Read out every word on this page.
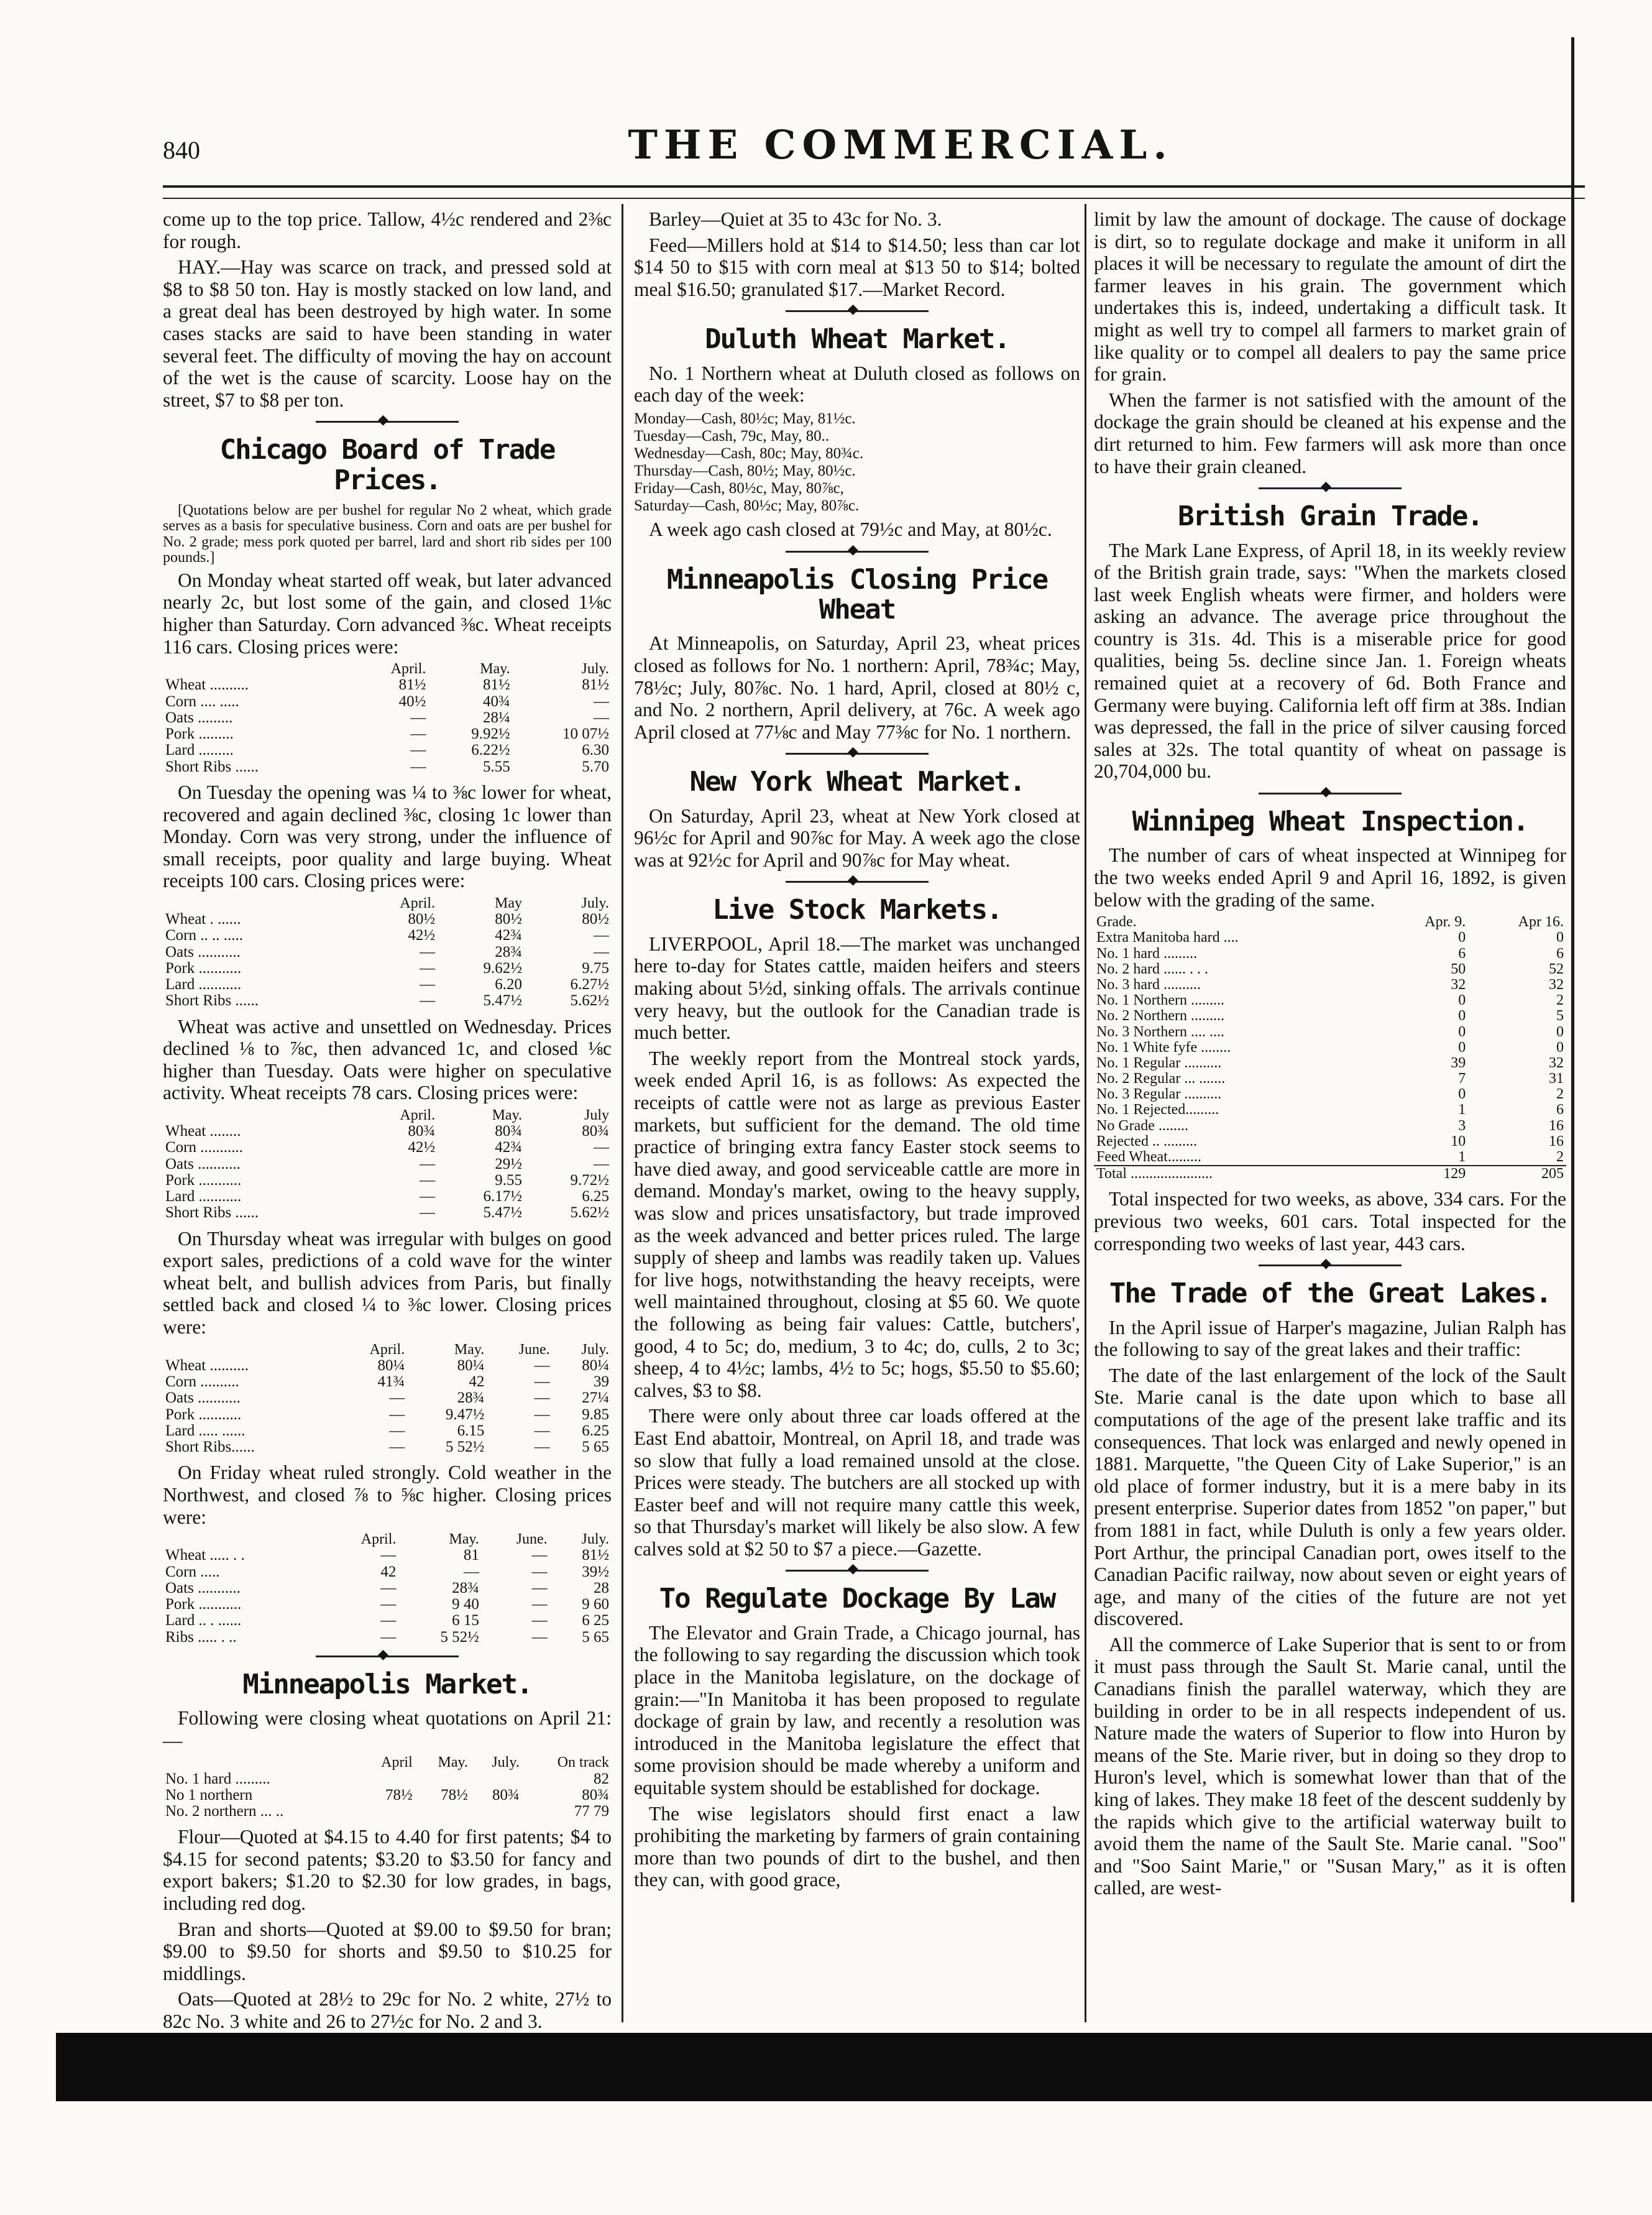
840	THE COMMERCIAL.

come up to the top price. Tallow, 4½c rendered and 2⅜c for rough.

HAY.—Hay was scarce on track, and pressed sold at $8 to $8 50 ton. Hay is mostly stacked on low land, and a great deal has been destroyed by high water. In some cases stacks are said to have been standing in water several feet. The difficulty of moving the hay on account of the wet is the cause of scarcity. Loose hay on the street, $7 to $8 per ton.

◆
Chicago Board of Trade Prices.

[Quotations below are per bushel for regular No 2 wheat, which grade serves as a basis for speculative business. Corn and oats are per bushel for No. 2 grade; mess pork quoted per barrel, lard and short rib sides per 100 pounds.]

On Monday wheat started off weak, but later advanced nearly 2c, but lost some of the gain, and closed 1⅛c higher than Saturday. Corn advanced ⅜c. Wheat receipts 116 cars. Closing prices were:

	April.	May.	July.
Wheat ..........	81½	81½	81½
Corn .... .....	40½	40¾	—
Oats .........	—	28¼	—
Pork .........	—	9.92½	10 07½
Lard .........	—	6.22½	6.30
Short Ribs ......	—	5.55	5.70

On Tuesday the opening was ¼ to ⅜c lower for wheat, recovered and again declined ⅜c, closing 1c lower than Monday. Corn was very strong, under the influence of small receipts, poor quality and large buying. Wheat receipts 100 cars. Closing prices were:

	April.	May	July.
Wheat . ......	80½	80½	80½
Corn .. .. .....	42½	42¾	—
Oats ...........	—	28¾	—
Pork ...........	—	9.62½	9.75
Lard ...........	—	6.20	6.27½
Short Ribs ......	—	5.47½	5.62½

Wheat was active and unsettled on Wednesday. Prices declined ⅛ to ⅞c, then advanced 1c, and closed ⅛c higher than Tuesday. Oats were higher on speculative activity. Wheat receipts 78 cars. Closing prices were:

	April.	May.	July
Wheat ........	80¾	80¾	80¾
Corn ...........	42½	42¾	—
Oats ...........	—	29½	—
Pork ...........	—	9.55	9.72½
Lard ...........	—	6.17½	6.25
Short Ribs ......	—	5.47½	5.62½

On Thursday wheat was irregular with bulges on good export sales, predictions of a cold wave for the winter wheat belt, and bullish advices from Paris, but finally settled back and closed ¼ to ⅜c lower. Closing prices were:

	April.	May.	June.	July.
Wheat ..........	80¼	80¼	—	80¼
Corn ..........	41¾	42	—	39
Oats ...........	—	28¾	—	27¼
Pork ...........	—	9.47½	—	9.85
Lard ..... ......	—	6.15	—	6.25
Short Ribs......	—	5 52½	—	5 65

On Friday wheat ruled strongly. Cold weather in the Northwest, and closed ⅞ to ⅝c higher. Closing prices were:

	April.	May.	June.	July.
Wheat ..... . .	—	81	—	81½
Corn .....	42	—	—	39½
Oats ...........	—	28¾	—	28
Pork ...........	—	9 40	—	9 60
Lard .. . ......	—	6 15	—	6 25
Ribs ..... . ..	—	5 52½	—	5 65
◆
Minneapolis Market.

Following were closing wheat quotations on April 21:—

	April	May.	July.	On track
No. 1 hard .........				82
No 1 northern	78½	78½	80¾	80¾
No. 2 northern ... ..				77 79

Flour—Quoted at $4.15 to 4.40 for first patents; $4 to $4.15 for second patents; $3.20 to $3.50 for fancy and export bakers; $1.20 to $2.30 for low grades, in bags, including red dog.

Bran and shorts—Quoted at $9.00 to $9.50 for bran; $9.00 to $9.50 for shorts and $9.50 to $10.25 for middlings.

Oats—Quoted at 28½ to 29c for No. 2 white, 27½ to 82c No. 3 white and 26 to 27½c for No. 2 and 3.

Barley—Quiet at 35 to 43c for No. 3.

Feed—Millers hold at $14 to $14.50; less than car lot $14 50 to $15 with corn meal at $13 50 to $14; bolted meal $16.50; granulated $17.—Market Record.

◆
Duluth Wheat Market.

No. 1 Northern wheat at Duluth closed as follows on each day of the week:

Monday—Cash, 80½c; May, 81½c.
Tuesday—Cash, 79c, May, 80..
Wednesday—Cash, 80c; May, 80¾c.
Thursday—Cash, 80½; May, 80½c.
Friday—Cash, 80½c, May, 80⅞c,
Saturday—Cash, 80½c; May, 80⅞c.

A week ago cash closed at 79½c and May, at 80½c.

◆
Minneapolis Closing Price Wheat

At Minneapolis, on Saturday, April 23, wheat prices closed as follows for No. 1 northern: April, 78¾c; May, 78½c; July, 80⅞c. No. 1 hard, April, closed at 80½ c, and No. 2 northern, April delivery, at 76c. A week ago April closed at 77⅛c and May 77⅜c for No. 1 northern.

◆
New York Wheat Market.

On Saturday, April 23, wheat at New York closed at 96½c for April and 90⅞c for May. A week ago the close was at 92½c for April and 90⅞c for May wheat.

◆
Live Stock Markets.

LIVERPOOL, April 18.—The market was unchanged here to-day for States cattle, maiden heifers and steers making about 5½d, sinking offals. The arrivals continue very heavy, but the outlook for the Canadian trade is much better.

The weekly report from the Montreal stock yards, week ended April 16, is as follows: As expected the receipts of cattle were not as large as previous Easter markets, but sufficient for the demand. The old time practice of bringing extra fancy Easter stock seems to have died away, and good serviceable cattle are more in demand. Monday's market, owing to the heavy supply, was slow and prices unsatisfactory, but trade improved as the week advanced and better prices ruled. The large supply of sheep and lambs was readily taken up. Values for live hogs, notwithstanding the heavy receipts, were well maintained throughout, closing at $5 60. We quote the following as being fair values: Cattle, butchers', good, 4 to 5c; do, medium, 3 to 4c; do, culls, 2 to 3c; sheep, 4 to 4½c; lambs, 4½ to 5c; hogs, $5.50 to $5.60; calves, $3 to $8.

There were only about three car loads offered at the East End abattoir, Montreal, on April 18, and trade was so slow that fully a load remained unsold at the close. Prices were steady. The butchers are all stocked up with Easter beef and will not require many cattle this week, so that Thursday's market will likely be also slow. A few calves sold at $2 50 to $7 a piece.—Gazette.

◆
To Regulate Dockage By Law

The Elevator and Grain Trade, a Chicago journal, has the following to say regarding the discussion which took place in the Manitoba legislature, on the dockage of grain:—"In Manitoba it has been proposed to regulate dockage of grain by law, and recently a resolution was introduced in the Manitoba legislature the effect that some provision should be made whereby a uniform and equitable system should be established for dockage.

The wise legislators should first enact a law prohibiting the marketing by farmers of grain containing more than two pounds of dirt to the bushel, and then they can, with good grace,

limit by law the amount of dockage. The cause of dockage is dirt, so to regulate dockage and make it uniform in all places it will be necessary to regulate the amount of dirt the farmer leaves in his grain. The government which undertakes this is, indeed, undertaking a difficult task. It might as well try to compel all farmers to market grain of like quality or to compel all dealers to pay the same price for grain.

When the farmer is not satisfied with the amount of the dockage the grain should be cleaned at his expense and the dirt returned to him. Few farmers will ask more than once to have their grain cleaned.

◆
British Grain Trade.

The Mark Lane Express, of April 18, in its weekly review of the British grain trade, says: "When the markets closed last week English wheats were firmer, and holders were asking an advance. The average price throughout the country is 31s. 4d. This is a miserable price for good qualities, being 5s. decline since Jan. 1. Foreign wheats remained quiet at a recovery of 6d. Both France and Germany were buying. California left off firm at 38s. Indian was depressed, the fall in the price of silver causing forced sales at 32s. The total quantity of wheat on passage is 20,704,000 bu.

◆
Winnipeg Wheat Inspection.

The number of cars of wheat inspected at Winnipeg for the two weeks ended April 9 and April 16, 1892, is given below with the grading of the same.

Grade.	Apr. 9.	Apr 16.
Extra Manitoba hard ....	0	0
No. 1 hard .........	6	6
No. 2 hard ...... . . .	50	52
No. 3 hard ..........	32	32
No. 1 Northern .........	0	2
No. 2 Northern .........	0	5
No. 3 Northern .... ....	0	0
No. 1 White fyfe ........	0	0
No. 1 Regular ..........	39	32
No. 2 Regular ... .......	7	31
No. 3 Regular ..........	0	2
No. 1 Rejected.........	1	6
No Grade ........	3	16
Rejected .. .........	10	16
Feed Wheat.........	1	2
Total ......................	129	205

Total inspected for two weeks, as above, 334 cars. For the previous two weeks, 601 cars. Total inspected for the corresponding two weeks of last year, 443 cars.

◆
The Trade of the Great Lakes.

In the April issue of Harper's magazine, Julian Ralph has the following to say of the great lakes and their traffic:

The date of the last enlargement of the lock of the Sault Ste. Marie canal is the date upon which to base all computations of the age of the present lake traffic and its consequences. That lock was enlarged and newly opened in 1881. Marquette, "the Queen City of Lake Superior," is an old place of former industry, but it is a mere baby in its present enterprise. Superior dates from 1852 "on paper," but from 1881 in fact, while Duluth is only a few years older. Port Arthur, the principal Canadian port, owes itself to the Canadian Pacific railway, now about seven or eight years of age, and many of the cities of the future are not yet discovered.

All the commerce of Lake Superior that is sent to or from it must pass through the Sault St. Marie canal, until the Canadians finish the parallel waterway, which they are building in order to be in all respects independent of us. Nature made the waters of Superior to flow into Huron by means of the Ste. Marie river, but in doing so they drop to Huron's level, which is somewhat lower than that of the king of lakes. They make 18 feet of the descent suddenly by the rapids which give to the artificial waterway built to avoid them the name of the Sault Ste. Marie canal. "Soo" and "Soo Saint Marie," or "Susan Mary," as it is often called, are west-
